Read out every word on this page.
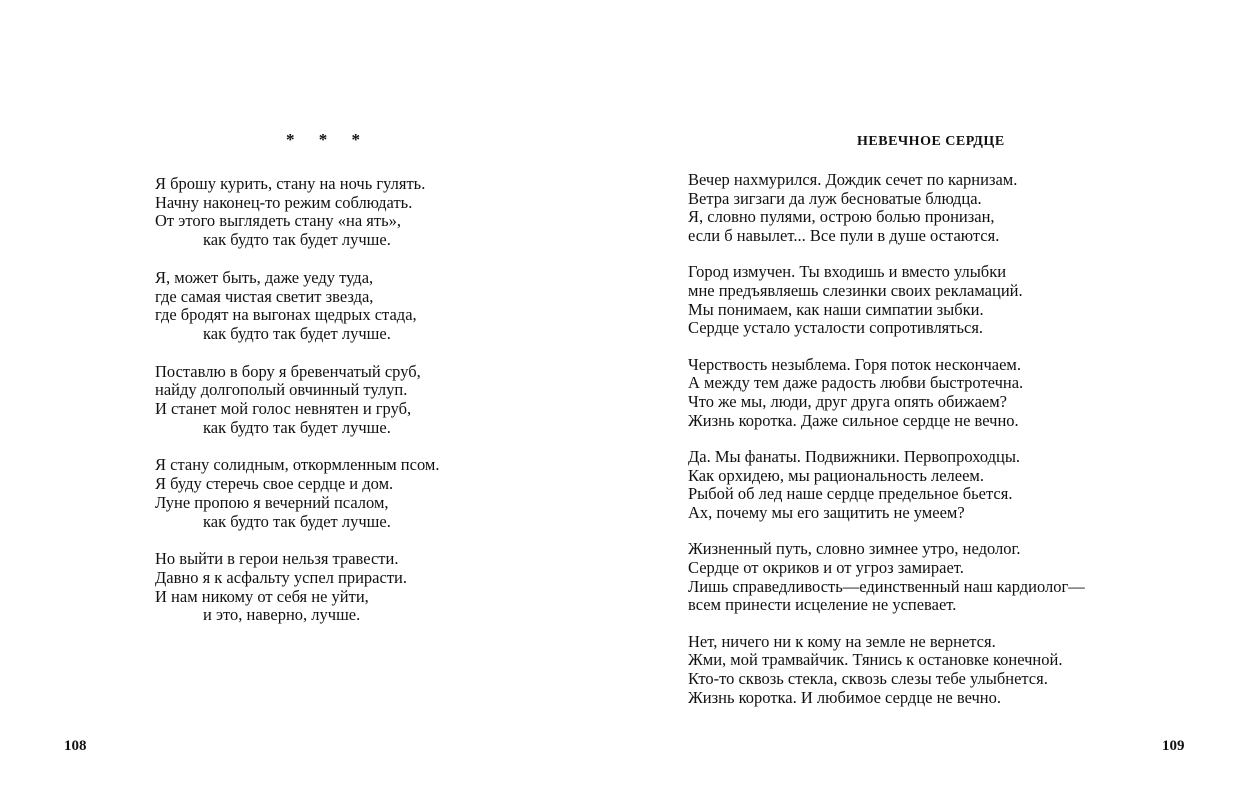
* * *
Я брошу курить, стану на ночь гулять.
Начну наконец-то режим соблюдать.
От этого выглядеть стану «на ять»,
как будто так будет лучше.
Я, может быть, даже уеду туда,
где самая чистая светит звезда,
где бродят на выгонах щедрых стада,
как будто так будет лучше.
Поставлю в бору я бревенчатый сруб,
найду долгополый овчинный тулуп.
И станет мой голос невнятен и груб,
как будто так будет лучше.
Я стану солидным, откормленным псом.
Я буду стеречь свое сердце и дом.
Луне пропою я вечерний псалом,
как будто так будет лучше.
Но выйти в герои нельзя травести.
Давно я к асфальту успел прирасти.
И нам никому от себя не уйти,
и это, наверно, лучше.
108
НЕВЕЧНОЕ СЕРДЦЕ
Вечер нахмурился. Дождик сечет по карнизам.
Ветра зигзаги да луж бесноватые блюдца.
Я, словно пулями, острою болью пронизан,
если б навылет... Все пули в душе остаются.
Город измучен. Ты входишь и вместо улыбки
мне предъявляешь слезинки своих рекламаций.
Мы понимаем, как наши симпатии зыбки.
Сердце устало усталости сопротивляться.
Черствость незыблема. Горя поток нескончаем.
А между тем даже радость любви быстротечна.
Что же мы, люди, друг друга опять обижаем?
Жизнь коротка. Даже сильное сердце не вечно.
Да. Мы фанаты. Подвижники. Первопроходцы.
Как орхидею, мы рациональность лелеем.
Рыбой об лед наше сердце предельное бьется.
Ах, почему мы его защитить не умеем?
Жизненный путь, словно зимнее утро, недолог.
Сердце от окриков и от угроз замирает.
Лишь справедливость—единственный наш кардиолог—
всем принести исцеление не успевает.
Нет, ничего ни к кому на земле не вернется.
Жми, мой трамвайчик. Тянись к остановке конечной.
Кто-то сквозь стекла, сквозь слезы тебе улыбнется.
Жизнь коротка. И любимое сердце не вечно.
109
